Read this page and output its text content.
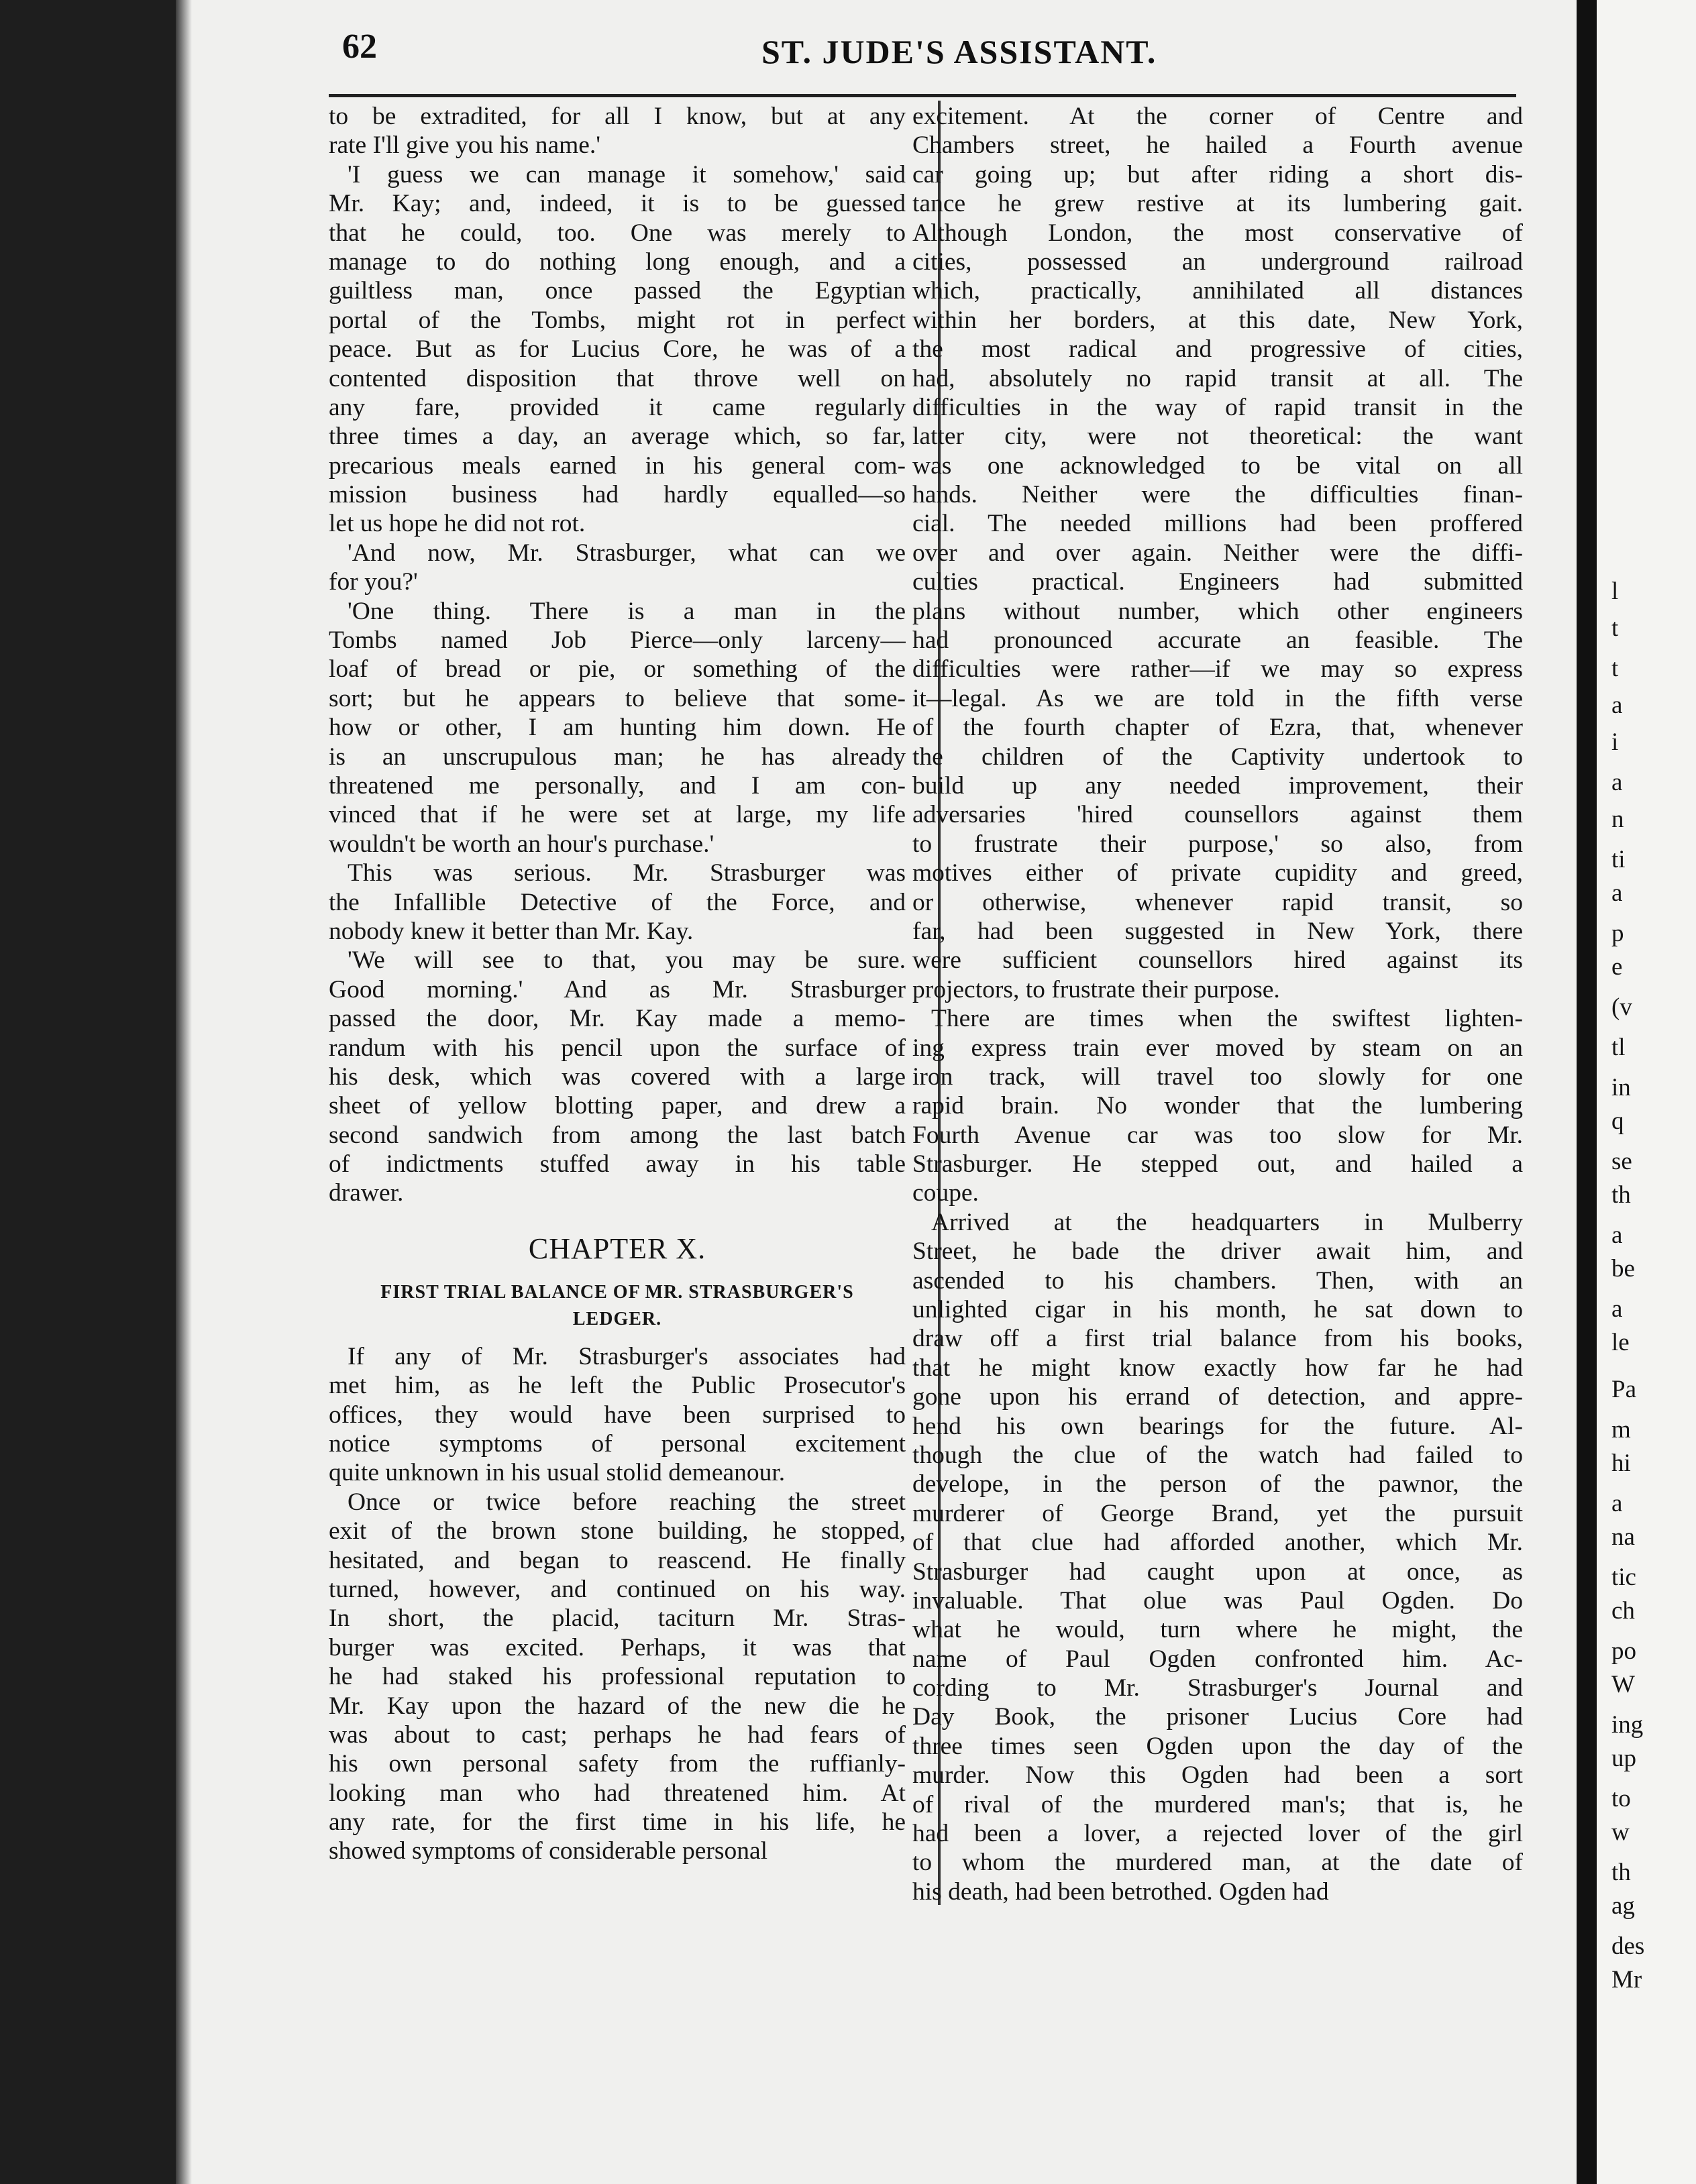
62	ST. JUDE'S ASSISTANT.
to be extradited, for all I know, but at any
rate I'll give you his name.'
'I guess we can manage it somehow,' said
Mr. Kay; and, indeed, it is to be guessed
that he could, too. One was merely to
manage to do nothing long enough, and a
guiltless man, once passed the Egyptian
portal of the Tombs, might rot in perfect
peace. But as for Lucius Core, he was of a
contented disposition that throve well on
any fare, provided it came regularly
three times a day, an average which, so far,
precarious meals earned in his general com-
mission business had hardly equalled—so
let us hope he did not rot.
'And now, Mr. Strasburger, what can we
for you?'
'One thing. There is a man in the
Tombs named Job Pierce—only larceny—
loaf of bread or pie, or something of the
sort; but he appears to believe that some-
how or other, I am hunting him down. He
is an unscrupulous man; he has already
threatened me personally, and I am con-
vinced that if he were set at large, my life
wouldn't be worth an hour's purchase.'
This was serious. Mr. Strasburger was
the Infallible Detective of the Force, and
nobody knew it better than Mr. Kay.
'We will see to that, you may be sure.
Good morning.' And as Mr. Strasburger
passed the door, Mr. Kay made a memo-
randum with his pencil upon the surface of
his desk, which was covered with a large
sheet of yellow blotting paper, and drew a
second sandwich from among the last batch
of indictments stuffed away in his table
drawer.
CHAPTER X.
FIRST TRIAL BALANCE OF MR. STRASBURGER'S
LEDGER.
If any of Mr. Strasburger's associates had
met him, as he left the Public Prosecutor's
offices, they would have been surprised to
notice symptoms of personal excitement
quite unknown in his usual stolid demeanour.
Once or twice before reaching the street
exit of the brown stone building, he stopped,
hesitated, and began to reascend. He finally
turned, however, and continued on his way.
In short, the placid, taciturn Mr. Stras-
burger was excited. Perhaps, it was that
he had staked his professional reputation to
Mr. Kay upon the hazard of the new die he
was about to cast; perhaps he had fears of
his own personal safety from the ruffianly-
looking man who had threatened him. At
any rate, for the first time in his life, he
showed symptoms of considerable personal
excitement. At the corner of Centre and
Chambers street, he hailed a Fourth avenue
car going up; but after riding a short dis-
tance he grew restive at its lumbering gait.
Although London, the most conservative of
cities, possessed an underground railroad
which, practically, annihilated all distances
within her borders, at this date, New York,
the most radical and progressive of cities,
had, absolutely no rapid transit at all. The
difficulties in the way of rapid transit in the
latter city, were not theoretical: the want
was one acknowledged to be vital on all
hands. Neither were the difficulties finan-
cial. The needed millions had been proffered
over and over again. Neither were the diffi-
culties practical. Engineers had submitted
plans without number, which other engineers
had pronounced accurate an feasible. The
difficulties were rather—if we may so express
it—legal. As we are told in the fifth verse
of the fourth chapter of Ezra, that, whenever
the children of the Captivity undertook to
build up any needed improvement, their
adversaries 'hired counsellors against them
to frustrate their purpose,' so also, from
motives either of private cupidity and greed,
or otherwise, whenever rapid transit, so
far, had been suggested in New York, there
were sufficient counsellors hired against its
projectors, to frustrate their purpose.
There are times when the swiftest lighten-
ing express train ever moved by steam on an
iron track, will travel too slowly for one
rapid brain. No wonder that the lumbering
Fourth Avenue car was too slow for Mr.
Strasburger. He stepped out, and hailed a
coupe.
Arrived at the headquarters in Mulberry
Street, he bade the driver await him, and
ascended to his chambers. Then, with an
unlighted cigar in his month, he sat down to
draw off a first trial balance from his books,
that he might know exactly how far he had
gone upon his errand of detection, and appre-
hend his own bearings for the future. Al-
though the clue of the watch had failed to
develope, in the person of the pawnor, the
murderer of George Brand, yet the pursuit
of that clue had afforded another, which Mr.
Strasburger had caught upon at once, as
invaluable. That olue was Paul Ogden. Do
what he would, turn where he might, the
name of Paul Ogden confronted him. Ac-
cording to Mr. Strasburger's Journal and
Day Book, the prisoner Lucius Core had
three times seen Ogden upon the day of the
murder. Now this Ogden had been a sort
of rival of the murdered man's; that is, he
had been a lover, a rejected lover of the girl
to whom the murdered man, at the date of
his death, had been betrothed. Ogden had
l
t
t
a
i
a
n
ti
a
p
e
(v
tl
in
q
se
th
a
be
a
le
Pa
m
hi
a
na
tic
ch
po
W
ing
up
to
w
th
ag
des
Mr
